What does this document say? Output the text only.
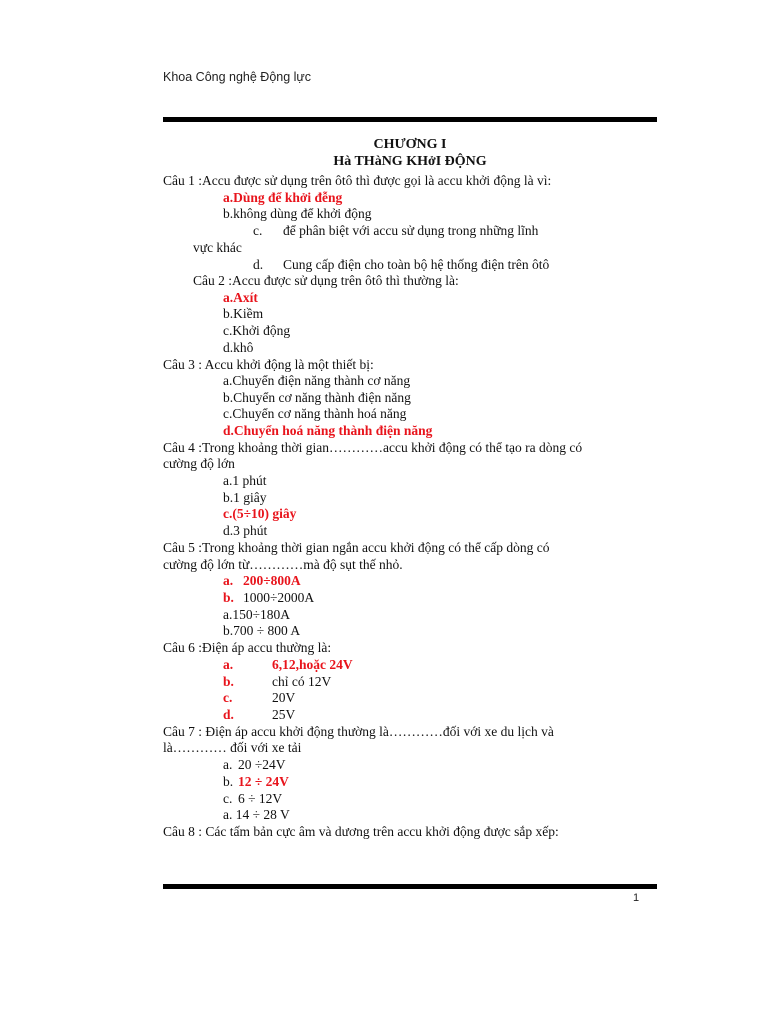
Khoa Công nghệ Động lực
CHƯƠNG I
Hà THàNG KHởI ĐỘNG
Câu 1 :Accu được sử dụng trên ôtô thì được gọi là accu khởi động là vì:
a.Dùng để khởi đễng
b.không dùng để khởi động
c. để phân biệt với accu sử dụng trong những lĩnh
vực khác
d. Cung cấp điện cho toàn bộ hệ thống điện trên ôtô
Câu 2 :Accu được sử dụng trên ôtô thì thường là:
a.Axít
b.Kiềm
c.Khởi động
d.khô
Câu 3 : Accu khởi động là một thiết bị:
a.Chuyển điện năng thành cơ năng
b.Chuyển cơ năng thành điện năng
c.Chuyển cơ năng thành hoá năng
d.Chuyển hoá năng thành điện năng
Câu 4 :Trong khoảng thời gian…………accu khởi động có thể tạo ra dòng có
cường độ lớn
a.1 phút
b.1 giây
c.(5÷10) giây
d.3 phút
Câu 5 :Trong khoảng thời gian ngắn accu khởi động có thể cấp dòng có
cường độ lớn từ…………mà độ sụt thế nhỏ.
a. 200÷800A
b. 1000÷2000A
a.150÷180A
b.700 ÷ 800 A
Câu 6 :Điện áp accu thường là:
a.	6,12,hoặc 24V
b.	chỉ có 12V
c.	20V
d.	25V
Câu 7 : Điện áp accu khởi động thường là…………đối với xe du lịch và
là………… đối với xe tải
a. 20 ÷24V
b. 12 ÷ 24V
c. 6 ÷ 12V
a. 14 ÷ 28 V
Câu 8 : Các tấm bản cực âm và dương trên accu khởi động được sắp xếp:
1
